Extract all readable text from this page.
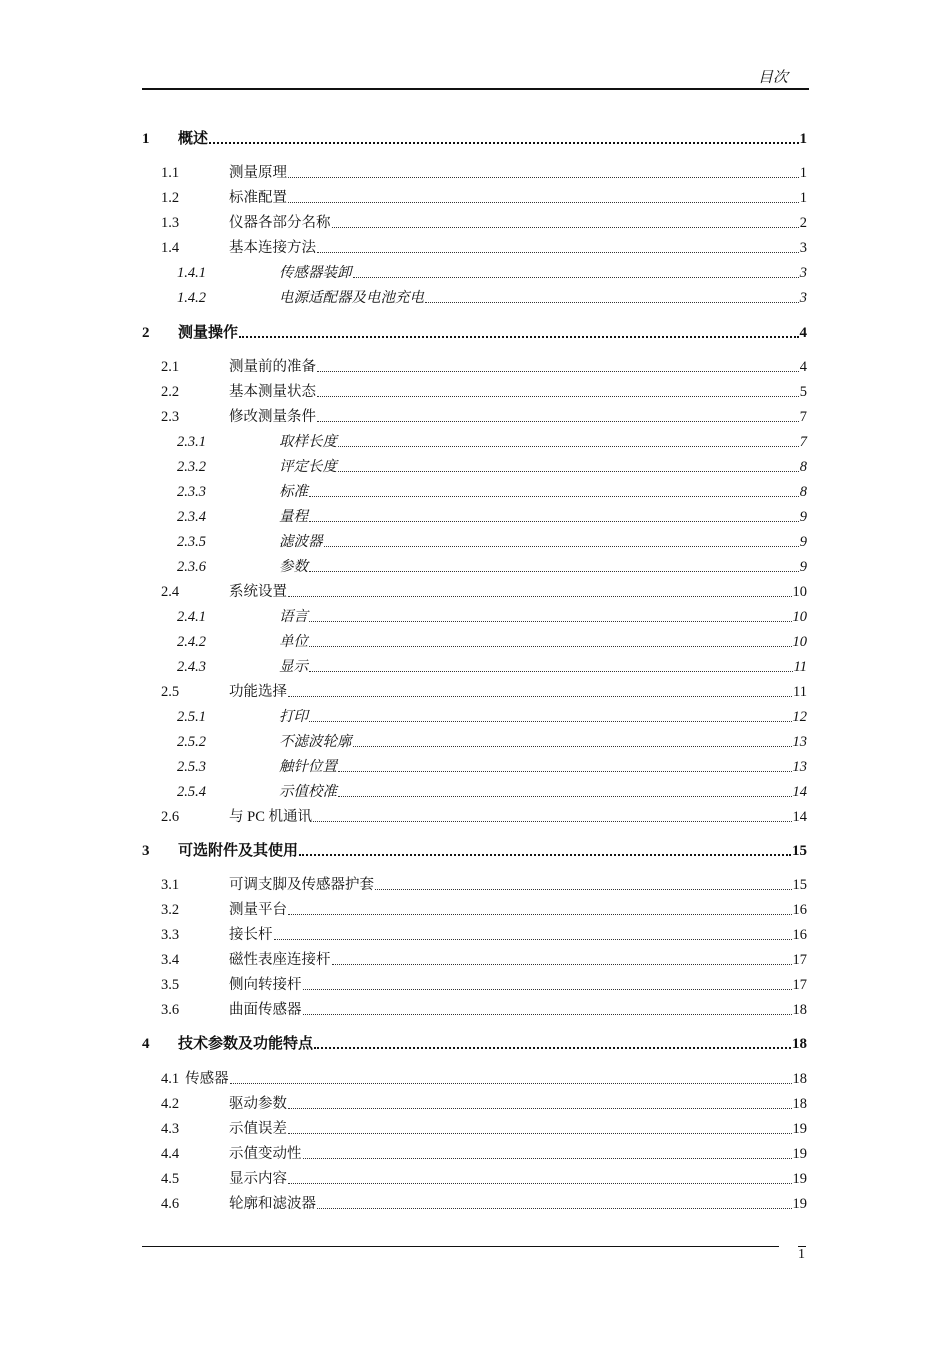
目次
1	概述	1
1.1	测量原理	1
1.2	标准配置	1
1.3	仪器各部分名称	2
1.4	基本连接方法	3
1.4.1	传感器装卸	3
1.4.2	电源适配器及电池充电	3
2	测量操作	4
2.1	测量前的准备	4
2.2	基本测量状态	5
2.3	修改测量条件	7
2.3.1	取样长度	7
2.3.2	评定长度	8
2.3.3	标准	8
2.3.4	量程	9
2.3.5	滤波器	9
2.3.6	参数	9
2.4	系统设置	10
2.4.1	语言	10
2.4.2	单位	10
2.4.3	显示	11
2.5	功能选择	11
2.5.1	打印	12
2.5.2	不滤波轮廓	13
2.5.3	触针位置	13
2.5.4	示值校准	14
2.6	与 PC 机通讯	14
3	可选附件及其使用	15
3.1	可调支脚及传感器护套	15
3.2	测量平台	16
3.3	接长杆	16
3.4	磁性表座连接杆	17
3.5	侧向转接杆	17
3.6	曲面传感器	18
4	技术参数及功能特点	18
4.1 传感器	18
4.2	驱动参数	18
4.3	示值误差	19
4.4	示值变动性	19
4.5	显示内容	19
4.6	轮廓和滤波器	19
1
